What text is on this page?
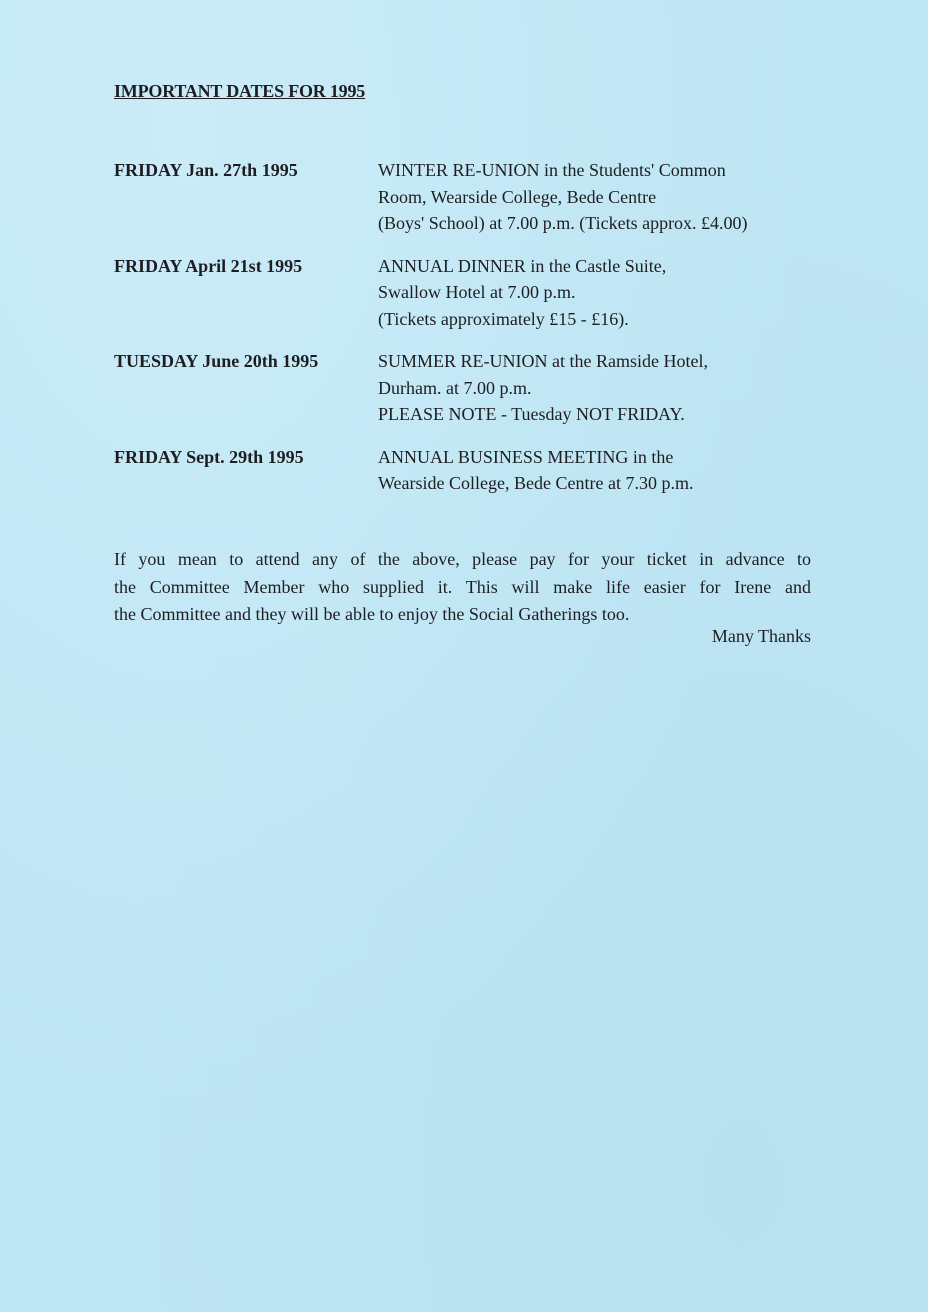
IMPORTANT DATES FOR 1995
FRIDAY Jan. 27th 1995	WINTER RE-UNION in the Students' Common
Room, Wearside College, Bede Centre
(Boys' School) at 7.00 p.m. (Tickets approx. £4.00)
FRIDAY April 21st 1995	ANNUAL DINNER in the Castle Suite,
Swallow Hotel at 7.00 p.m.
(Tickets approximately £15 - £16).
TUESDAY June 20th 1995	SUMMER RE-UNION at the Ramside Hotel,
Durham. at 7.00 p.m.
PLEASE NOTE - Tuesday NOT FRIDAY.
FRIDAY Sept. 29th 1995	ANNUAL BUSINESS MEETING in the
Wearside College, Bede Centre at 7.30 p.m.
If you mean to attend any of the above, please pay for your ticket in advance to
the Committee Member who supplied it. This will make life easier for Irene and
the Committee and they will be able to enjoy the Social Gatherings too.
Many Thanks
